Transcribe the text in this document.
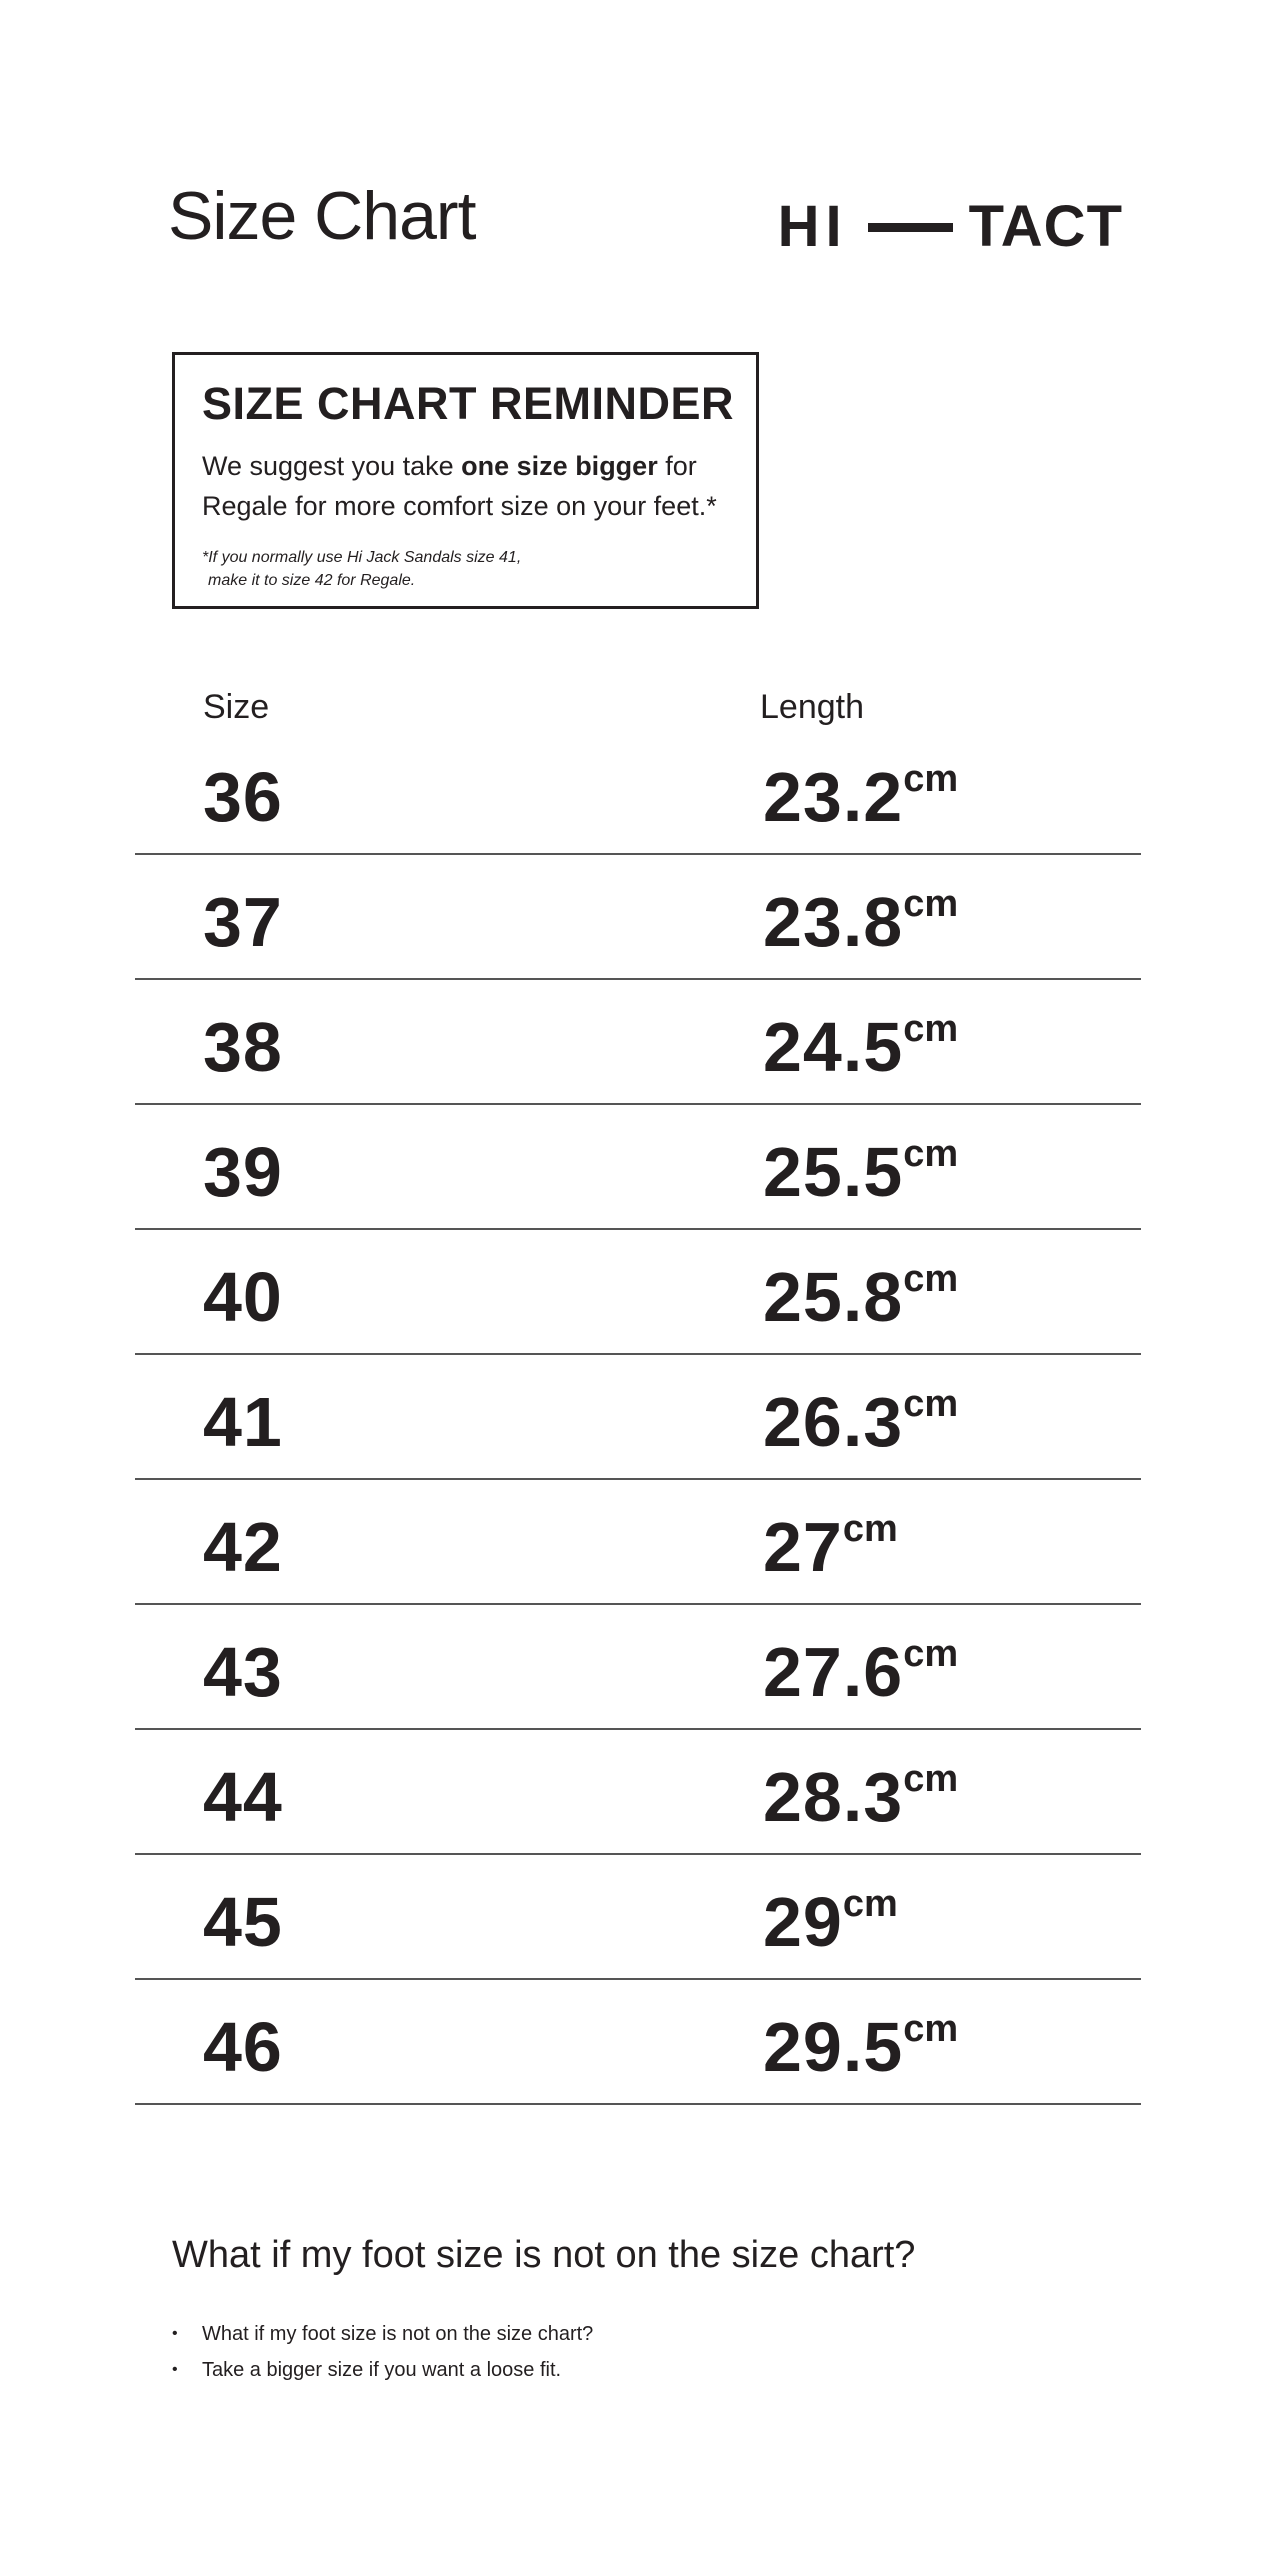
Size Chart	HI TACT
SIZE CHART REMINDER
We suggest you take one size bigger for Regale for more comfort size on your feet.*
*If you normally use Hi Jack Sandals size 41,
make it to size 42 for Regale.
Size	Length
36	$23.2^{cm}$
37	$23.8^{cm}$
38	$24.5^{cm}$
39	$25.5^{cm}$
40	$25.8^{cm}$
41	$26.3^{cm}$
42	$27^{cm}$
43	$27.6^{cm}$
44	$28.3^{cm}$
45	$29^{cm}$
46	$29.5^{cm}$
What if my foot size is not on the size chart?
• What if my foot size is not on the size chart?
• Take a bigger size if you want a loose fit.
